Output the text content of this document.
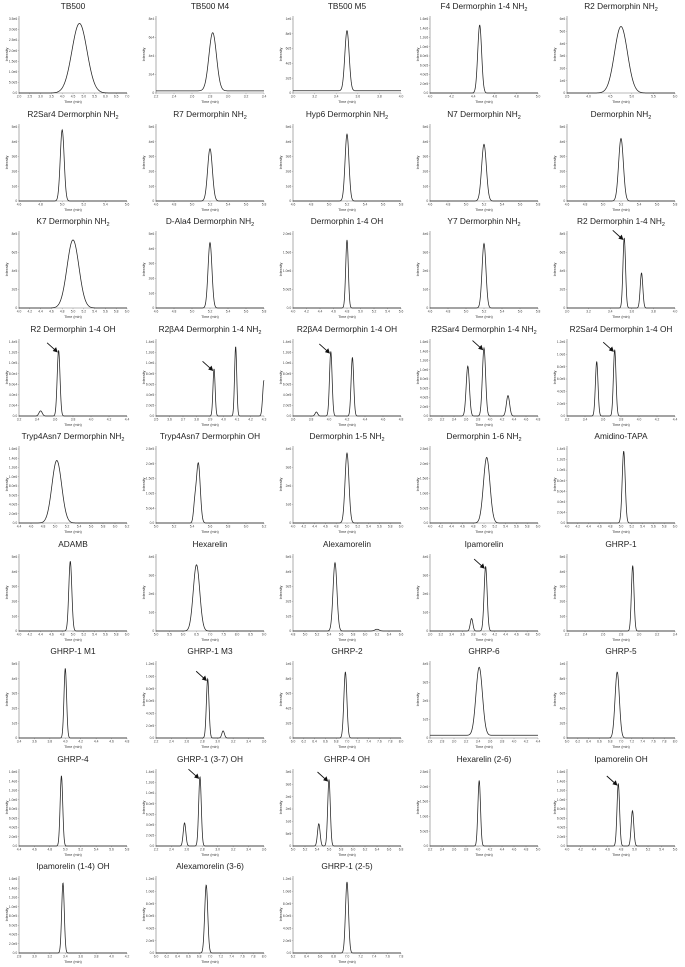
TB500
2.0 2.5 3.0 3.5 4.0 4.5 5.0 5.5 6.0 6.5 7.0
0.0
5.0e5
1.0e6
1.5e6
2.0e6
2.5e6
3.0e6
3.5e6
Time (min)
Intensity
TB500 M4
2.2	2.4	2.6	2.8	3.0	3.2	3.4
0
2e4
4e4
6e4
8e4
Time (min)
Intensity
TB500 M5
3.0	3.2	3.4	3.6	3.8	4.0
0
2e5
4e5
6e5
8e5
1e6
Time (min)
Intensity
F4 Dermorphin 1-4 $NH_2$
4.0	4.2	4.4	4.6	4.8	5.0
0.0
2.0e5
4.0e5
6.0e5
8.0e5
1.0e6
1.2e6
1.4e6
1.6e6
Time (min)
Intensity
R2 Dermorphin $NH_2$
3.5	4.0	4.5	5.0	5.5	6.0
0
1e6
2e6
3e6
4e6
5e6
6e6
Time (min)
Intensity
R2Sar4 Dermorphin $NH_2$
4.6	4.8	5.0	5.2	5.4	5.6
0
1e6
2e6
3e6
4e6
5e6
Time (min)
Intensity
R7 Dermorphin $NH_2$
4.6	4.8	5.0	5.2	5.4	5.6	5.8
0
1e6
2e6
3e6
4e6
5e6
Time (min)
Intensity
Hyp6 Dermorphin $NH_2$
4.6	4.8	5.0	5.2	5.4	5.6	5.8
0
1e6
2e6
3e6
4e6
5e6
Time (min)
Intensity
N7 Dermorphin $NH_2$
4.6	4.8	5.0	5.2	5.4	5.6	5.8
0
1e6
2e6
3e6
4e6
5e6
Time (min)
Intensity
Dermorphin $NH_2$
4.6	4.8	5.0	5.2	5.4	5.6	5.8
0
1e6
2e6
3e6
4e6
5e6
Time (min)
Intensity
K7 Dermorphin $NH_2$
4.0 4.2 4.4 4.6 4.8 5.0 5.2 5.4 5.6 5.8 6.0
0
2e5
4e5
6e5
8e5
Time (min)
Intensity
D-Ala4 Dermorphin $NH_2$
4.6	4.8	5.0	5.2	5.4	5.6	5.8
0
1e6
2e6
3e6
4e6
5e6
Time (min)
Intensity
Dermorphin 1-4 OH
4.0	4.2	4.4	4.6	4.8	5.0	5.2	5.4	5.6
0.0
5.0e5
1.0e6
1.5e6
2.0e6
Time (min)
Intensity
Y7 Dermorphin $NH_2$
4.6	4.8	5.0	5.2	5.4	5.6	5.8
0
1e6
2e6
3e6
4e6
Time (min)
Intensity
R2 Dermorphin 1-4 $NH_2$
3.0	3.2	3.4	3.6	3.8	4.0
0
2e5
4e5
6e5
8e5
Time (min)
Intensity
R2 Dermorphin 1-4 OH
3.2	3.4	3.6	3.8	4.0	4.2	4.4
0.0
2.0e4
4.0e4
6.0e4
8.0e4
1.0e5
1.2e5
1.4e5
Time (min)
Intensity
R2βA4 Dermorphin 1-4 $NH_2$
3.5	3.6	3.7	3.8	3.9	4.0	4.1	4.2	4.3
0.0
2.0e5
4.0e5
6.0e5
8.0e5
1.0e6
1.2e6
1.4e6
Time (min)
Intensity
R2βA4 Dermorphin 1-4 OH
3.6	3.8	4.0	4.2	4.4	4.6	4.8
0.0
2.0e5
4.0e5
6.0e5
8.0e5
1.0e6
1.2e6
1.4e6
Time (min)
Intensity
R2Sar4 Dermorphin 1-4 $NH_2$
3.0 3.2 3.4 3.6 3.8 4.0 4.2 4.4 4.6 4.8
0.0
2.0e5
4.0e5
6.0e5
8.0e5
1.0e6
1.2e6
1.4e6
1.6e6
Time (min)
Intensity
R2Sar4 Dermorphin 1-4 OH
3.2	3.4	3.6	3.8	4.0	4.2	4.4
0.0
2.0e5
4.0e5
6.0e5
8.0e5
1.0e6
1.2e6
Time (min)
Intensity
Tryp4Asn7 Dermorphin $NH_2$
4.4 4.6 4.8 5.0 5.2 5.4 5.6 5.8 6.0 6.2
0.0
2.0e5
4.0e5
6.0e5
8.0e5
1.0e6
1.2e6
1.4e6
1.6e6
Time (min)
Intensity
Tryp4Asn7 Dermorphin OH
5.0	5.2	5.4	5.6	5.8	6.0	6.2
0.0
5.0e4
1.0e5
1.5e5
2.0e5
2.5e5
Time (min)
Intensity
Dermorphin 1-5 $NH_2$
4.0 4.2 4.4 4.6 4.8 5.0 5.2 5.4 5.6 5.8 6.0
0
1e6
2e6
3e6
4e6
Time (min)
Intensity
Dermorphin 1-6 $NH_2$
4.0 4.2 4.4 4.6 4.8 5.0 5.2 5.4 5.6 5.8 6.0
0.0
5.0e5
1.0e6
1.5e6
2.0e6
2.5e6
Time (min)
Intensity
Amidino-TAPA
4.0 4.2 4.4 4.6 4.8 5.0 5.2 5.4 5.6 5.8 6.0
0.0
2.0e4
4.0e4
6.0e4
8.0e4
1.0e5
1.2e5
1.4e5
Time (min)
Intensity
ADAMB
4.0 4.2 4.4 4.6 4.8 5.0 5.2 5.4 5.6 5.8 6.0
0
1e6
2e6
3e6
4e6
5e6
Time (min)
Intensity
Hexarelin
5.0	5.5	6.0	6.5	7.0	7.5	8.0	8.5	9.0
0
1e6
2e6
3e6
4e6
Time (min)
Intensity
Alexamorelin
4.8 5.0 5.2 5.4 5.6 5.8 6.0 6.2 6.4 6.6
0
1e5
2e5
3e5
4e5
5e5
Time (min)
Intensity
Ipamorelin
3.0 3.2 3.4 3.6 3.8 4.0 4.2 4.4 4.6 4.8 5.0
0
1e6
2e6
3e6
4e6
Time (min)
Intensity
GHRP-1
2.2	2.4	2.6	2.8	3.0	3.2	3.4
0
1e6
2e6
3e6
4e6
5e6
Time (min)
Intensity
GHRP-1 M1
3.4	3.6	3.8	4.0	4.2	4.4	4.6	4.8
0
1e5
2e5
3e5
4e5
5e5
Time (min)
Intensity
GHRP-1 M3
2.2	2.4	2.6	2.8	3.0	3.2	3.4	3.6
0.0
2.0e5
4.0e5
6.0e5
8.0e5
1.0e6
1.2e6
Time (min)
Intensity
GHRP-2
6.0 6.2 6.4 6.6 6.8 7.0 7.2 7.4 7.6 7.8 8.0
0
2e5
4e5
6e5
8e5
1e6
Time (min)
Intensity
GHRP-6
2.6 2.8 3.0 3.2 3.4 3.6 3.8 4.0 4.2 4.4
0
1e5
2e5
3e5
4e5
Time (min)
Intensity
GHRP-5
6.0 6.2 6.4 6.6 6.8 7.0 7.2 7.4 7.6 7.8 8.0
0
2e5
4e5
6e5
8e5
1e6
Time (min)
Intensity
GHRP-4
4.4	4.6	4.8	5.0	5.2	5.4	5.6	5.8
0.0
2.0e5
4.0e5
6.0e5
8.0e5
1.0e6
1.2e6
1.4e6
1.6e6
Time (min)
Intensity
GHRP-1 (3-7) OH
2.2	2.4	2.6	2.8	3.0	3.2	3.4	3.6
0.0
2.0e5
4.0e5
6.0e5
8.0e5
1.0e6
1.2e6
1.4e6
Time (min)
Intensity
GHRP-4 OH
5.0 5.2 5.4 5.6 5.8 6.0 6.2 6.4 6.6 6.8
0
5e5
1e6
2e6
2e6
3e6
3e6
Time (min)
Intensity
Hexarelin (2-6)
3.2 3.4 3.6 3.8 4.0 4.2 4.4 4.6 4.8 5.0
0.0
5.0e5
1.0e6
1.5e6
2.0e6
2.5e6
Time (min)
Intensity
Ipamorelin OH
4.0	4.2	4.4	4.6	4.8	5.0	5.2	5.4	5.6
0.0
2.0e5
4.0e5
6.0e5
8.0e5
1.0e6
1.2e6
1.4e6
1.6e6
Time (min)
Intensity
Ipamorelin (1-4) OH
2.8	3.0	3.2	3.4	3.6	3.8	4.0	4.2
0.0
2.0e5
4.0e5
6.0e5
8.0e5
1.0e6
1.2e6
1.4e6
1.6e6
Time (min)
Intensity
Alexamorelin (3-6)
6.0 6.2 6.4 6.6 6.8 7.0 7.2 7.4 7.6 7.8 8.0
0.0
2.0e5
4.0e5
6.0e5
8.0e5
1.0e6
1.2e6
Time (min)
Intensity
GHRP-1 (2-5)
6.2	6.4	6.6	6.8	7.0	7.2	7.4	7.6	7.8
0.0
2.0e5
4.0e5
6.0e5
8.0e5
1.0e6
1.2e6
Time (min)
Intensity
